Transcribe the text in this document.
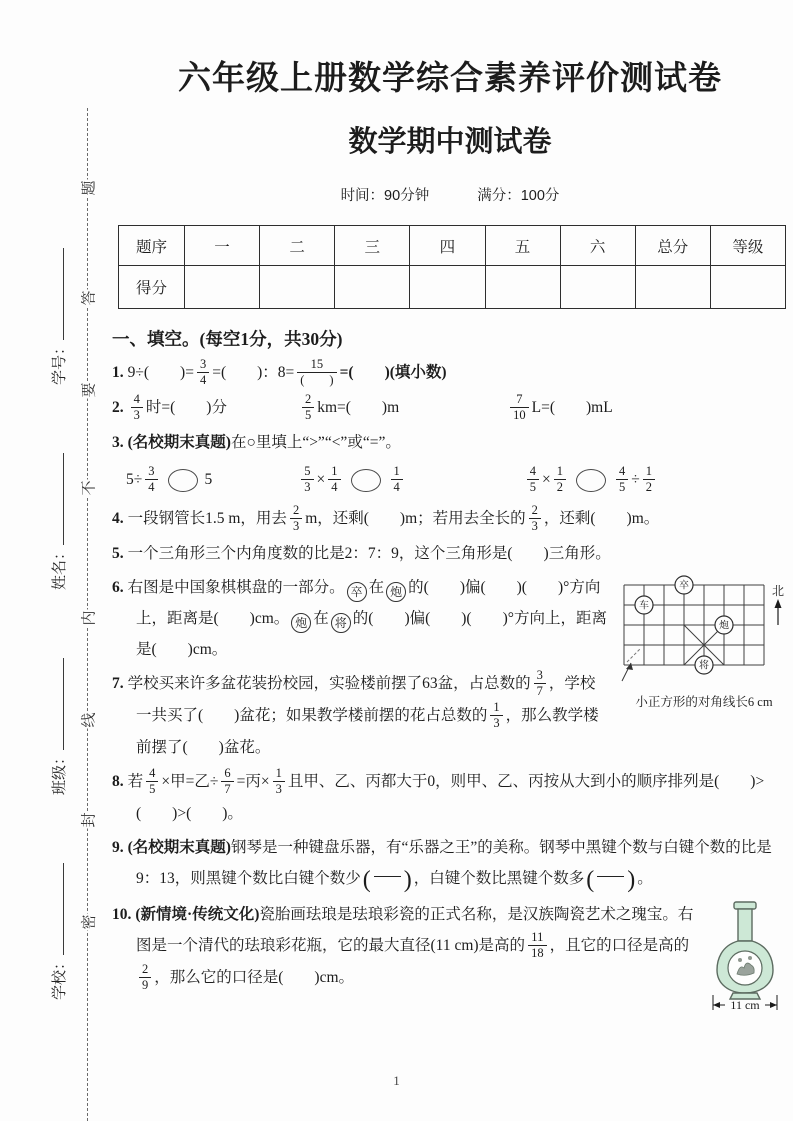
题
答
要
不
内
线
封
密
学校：
班级：
姓名：
学号：
六年级上册数学综合素养评价测试卷
数学期中测试卷
时间：90分钟	满分：100分
题序	一	二	三	四	五	六	总分	等级
得分								
一、填空。(每空1分，共30分)
1. 9÷(　　)= $\frac{3}{4}$ =(　　)：$8= \frac{15}{( )}$ =(　　)(填小数)
2. $\frac{4}{3}$ 时=(　　)分	$\frac{2}{5} km=$(　　)m	$\frac{7}{10} L=$(　　)mL
3. (名校期末真题)在○里填上“>”“<”或“=”。
$5\div \frac{3}{4}$	5	$\frac{5}{3} \times \frac{1}{4}$	$\frac{1}{4}$	$\frac{4}{5} \times \frac{1}{2}$	$\frac{4}{5} \div \frac{1}{2}$
4. 一段钢管长1.5 m，用去 $\frac{2}{3}$ m，还剩(　　)m；若用去全长的 $\frac{2}{3}$ ，还剩(　　)m。
5. 一个三角形三个内角度数的比是2：7：9，这个三角形是(　　)三角形。
卒
车
炮
将
北
小正方形的对角线长6 cm
6. 右图是中国象棋棋盘的一部分。 卒 在 炮 的(　　)偏(　　)(　　)°方向上，距离是(　　)cm。 炮 在 将 的(　　)偏(　　)(　　)°方向上，距离是(　　)cm。
7. 学校买来许多盆花装扮校园，实验楼前摆了63盆，占总数的 $\frac{3}{7}$ ，学校一共买了(　　)盆花；如果教学楼前摆的花占总数的 $\frac{1}{3}$ ，那么教学楼前摆了(　　)盆花。
8. 若 $\frac{4}{5}$ ×甲=乙÷ $\frac{6}{7}$ =丙× $\frac{1}{3}$ 且甲、乙、丙都大于0，则甲、乙、丙按从大到小的顺序排列是(　　)>(　　)>(　　)。
9. (名校期末真题)钢琴是一种键盘乐器，有“乐器之王”的美称。钢琴中黑键个数与白键个数的比是9：13，则黑键个数比白键个数少( ) ，白键个数比黑键个数多( ) 。
11 cm
10. (新情境·传统文化)瓷胎画珐琅是珐琅彩瓷的正式名称，是汉族陶瓷艺术之瑰宝。右图是一个清代的珐琅彩花瓶，它的最大直径(11 cm)是高的 $\frac{11}{18}$ ，且它的口径是高的
$\frac{2}{9}$ ，那么它的口径是(　　)cm。
1
